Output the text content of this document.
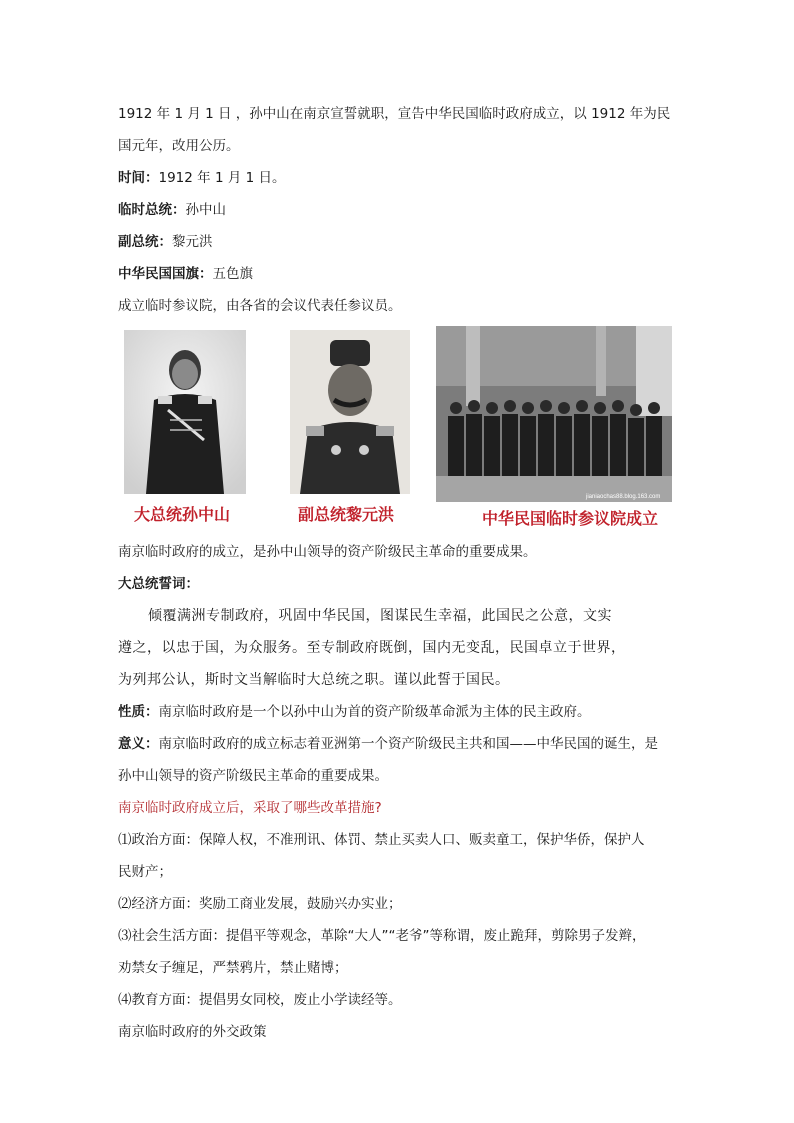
1912 年 1 月 1 日 ，孙中山在南京宣誓就职，宣告中华民国临时政府成立，以 1912 年为民
国元年，改用公历。
时间：1912 年 1 月 1 日。
临时总统：孙中山
副总统：黎元洪
中华民国国旗：五色旗
成立临时参议院，由各省的会议代表任参议员。
大总统孙中山	副总统黎元洪
jianiaochas88.blog.163.com
中华民国临时参议院成立
南京临时政府的成立，是孙中山领导的资产阶级民主革命的重要成果。
大总统誓词：
倾覆满洲专制政府，巩固中华民国，图谋民生幸福，此国民之公意，文实
遵之，以忠于国，为众服务。至专制政府既倒，国内无变乱，民国卓立于世界，
为列邦公认，斯时文当解临时大总统之职。谨以此誓于国民。
性质：南京临时政府是一个以孙中山为首的资产阶级革命派为主体的民主政府。
意义：南京临时政府的成立标志着亚洲第一个资产阶级民主共和国——中华民国的诞生，是
孙中山领导的资产阶级民主革命的重要成果。
南京临时政府成立后，采取了哪些改革措施?
⑴政治方面：保障人权，不准刑讯、体罚、禁止买卖人口、贩卖童工，保护华侨，保护人
民财产；
⑵经济方面：奖励工商业发展，鼓励兴办实业；
⑶社会生活方面：提倡平等观念，革除“大人”“老爷”等称谓，废止跪拜，剪除男子发辫，
劝禁女子缠足，严禁鸦片，禁止赌博；
⑷教育方面：提倡男女同校，废止小学读经等。
南京临时政府的外交政策
